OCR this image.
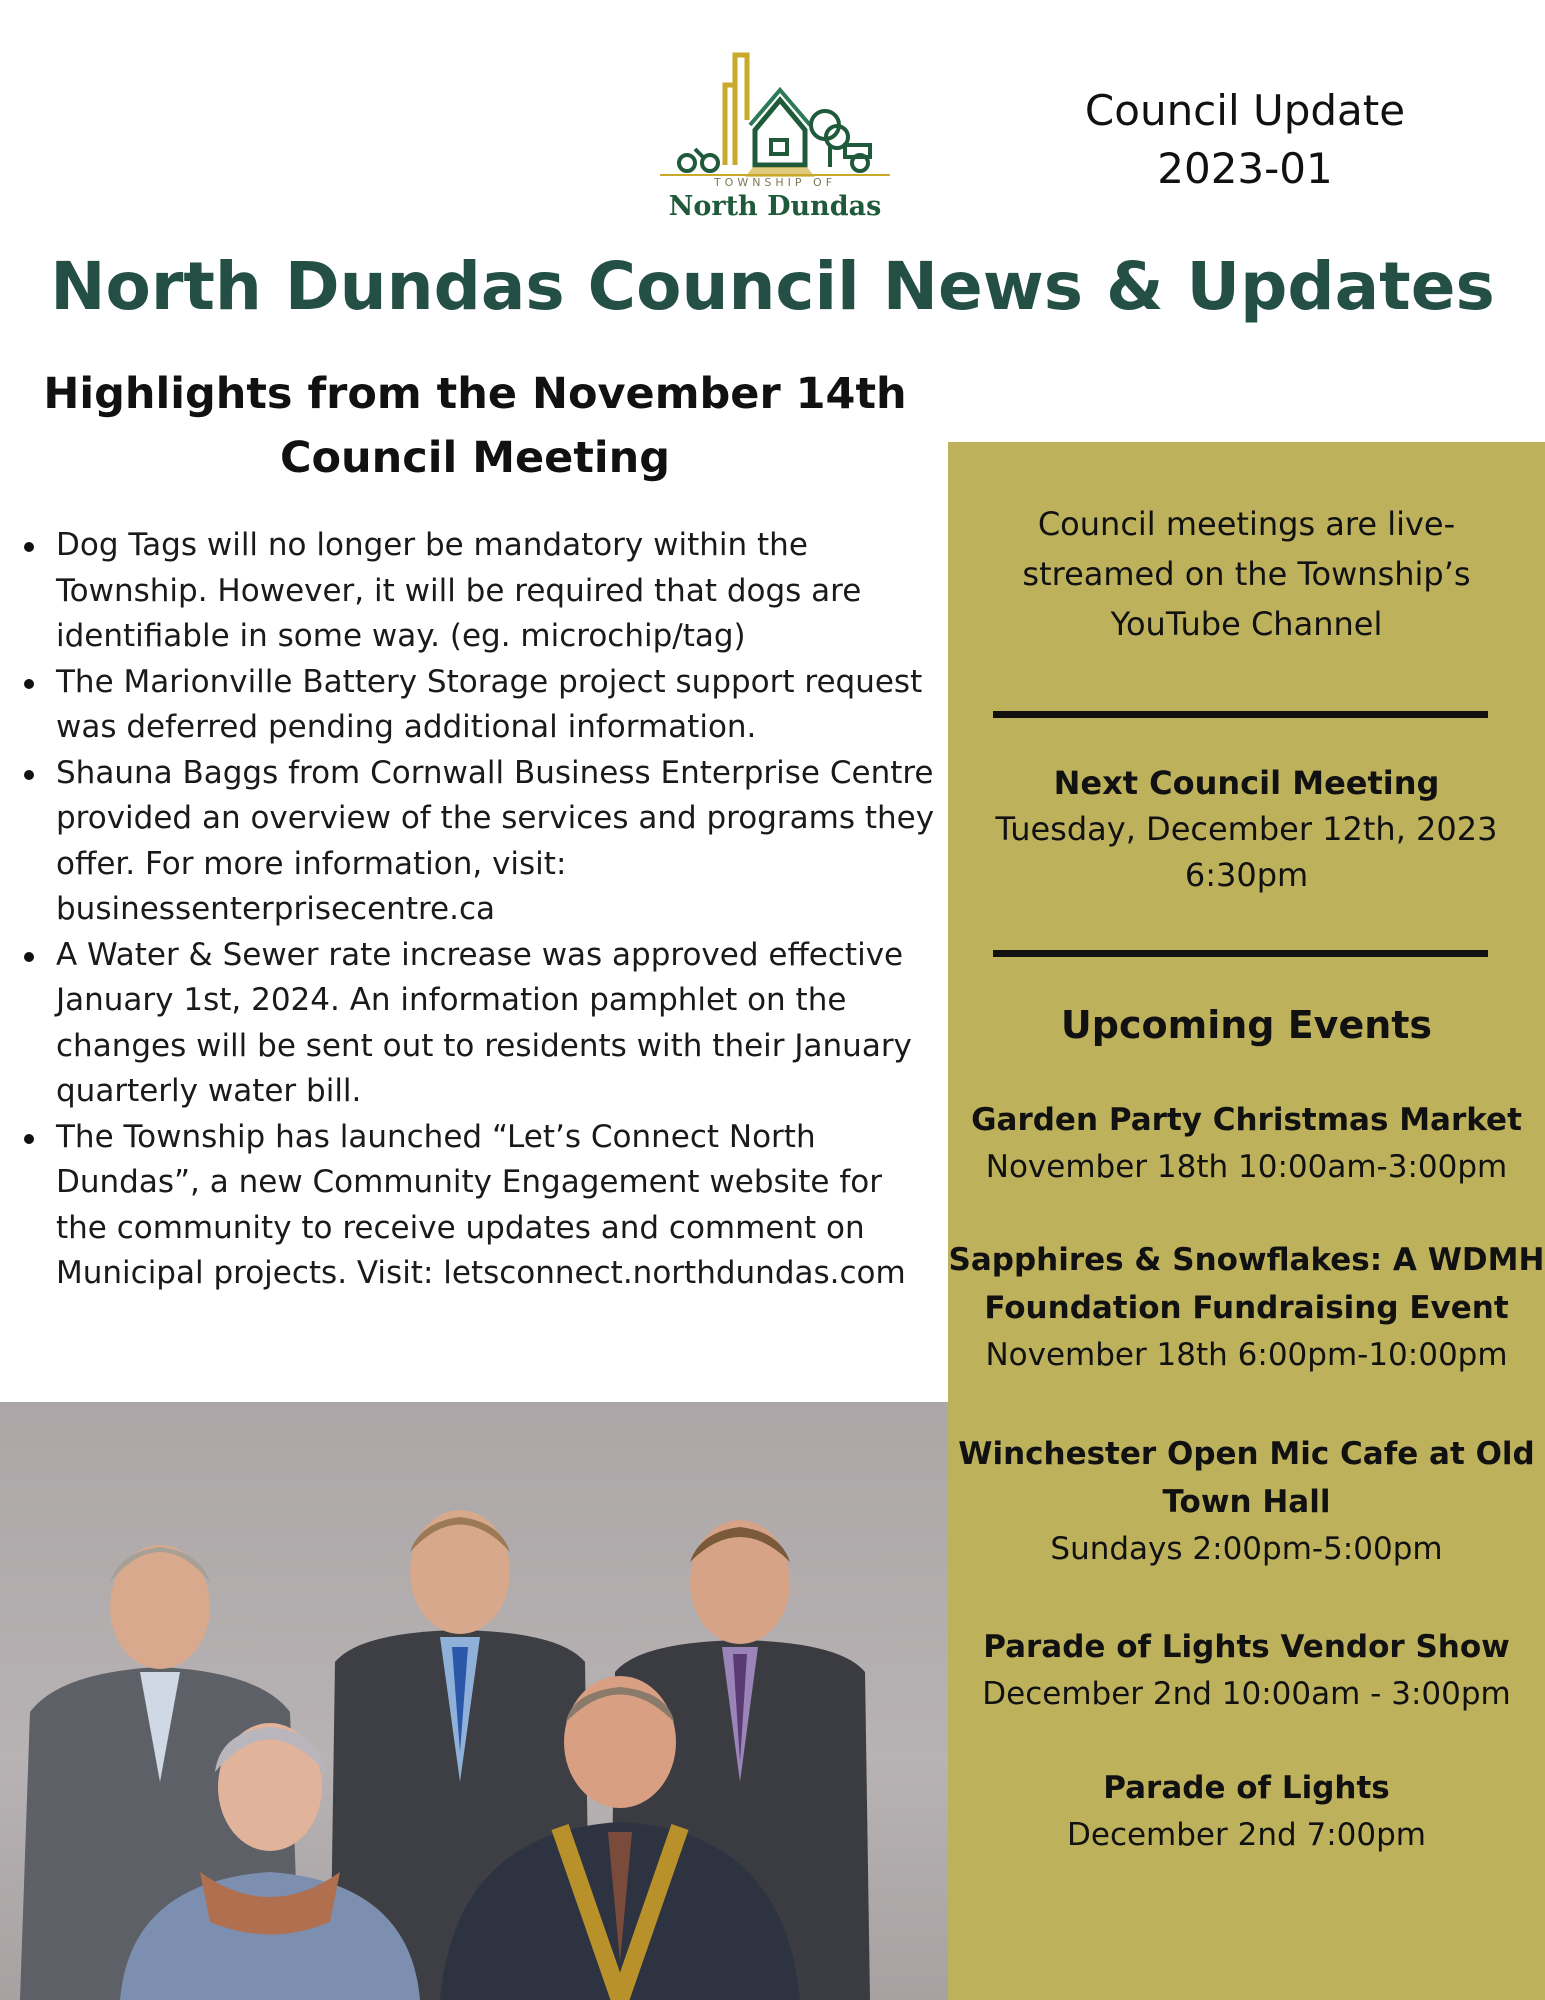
TOWNSHIP OF
North Dundas
Council Update
2023-01
North Dundas Council News & Updates
Highlights from the November 14th
Council Meeting
Dog Tags will no longer be mandatory within the Township. However, it will be required that dogs are identifiable in some way. (eg. microchip/tag)
The Marionville Battery Storage project support request was deferred pending additional information.
Shauna Baggs from Cornwall Business Enterprise Centre provided an overview of the services and programs they offer. For more information, visit: businessenterprisecentre.ca
A Water & Sewer rate increase was approved effective January 1st, 2024. An information pamphlet on the changes will be sent out to residents with their January quarterly water bill.
The Township has launched “Let’s Connect North Dundas”, a new Community Engagement website for the community to receive updates and comment on Municipal projects. Visit: letsconnect.northdundas.com
Council meetings are live-
streamed on the Township’s
YouTube Channel
Next Council Meeting
Tuesday, December 12th, 2023
6:30pm
Upcoming Events
Garden Party Christmas Market
November 18th 10:00am-3:00pm
Sapphires & Snowflakes: A WDMH
Foundation Fundraising Event
November 18th 6:00pm-10:00pm
Winchester Open Mic Cafe at Old
Town Hall
Sundays 2:00pm-5:00pm
Parade of Lights Vendor Show
December 2nd 10:00am - 3:00pm
Parade of Lights
December 2nd 7:00pm
